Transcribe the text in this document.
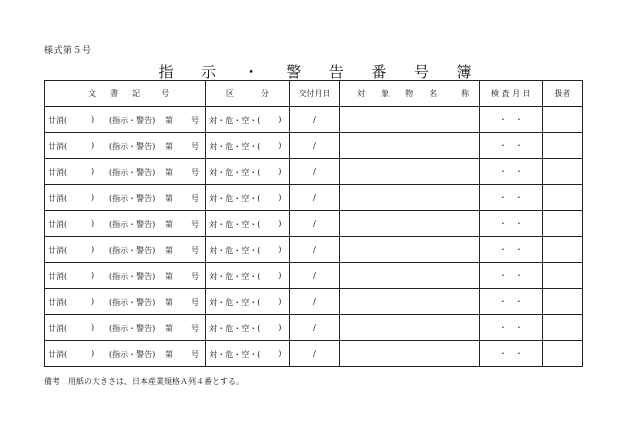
様式第５号
指 示 ・ 警 告 番 号 簿
文 書 記 号	区 分	交付月日	対 象 物 名 称	検 査 月 日	扱者

廿消( ) (指示・警告) 第 号	対・危・空・( )	/		・　・	

廿消( ) (指示・警告) 第 号	対・危・空・( )	/		・　・	

廿消( ) (指示・警告) 第 号	対・危・空・( )	/		・　・	

廿消( ) (指示・警告) 第 号	対・危・空・( )	/		・　・	

廿消( ) (指示・警告) 第 号	対・危・空・( )	/		・　・	

廿消( ) (指示・警告) 第 号	対・危・空・( )	/		・　・	

廿消( ) (指示・警告) 第 号	対・危・空・( )	/		・　・	

廿消( ) (指示・警告) 第 号	対・危・空・( )	/		・　・	

廿消( ) (指示・警告) 第 号	対・危・空・( )	/		・　・	

廿消( ) (指示・警告) 第 号	対・危・空・( )	/		・　・	
備考 用紙の大きさは、日本産業規格Ａ列４番とする。
